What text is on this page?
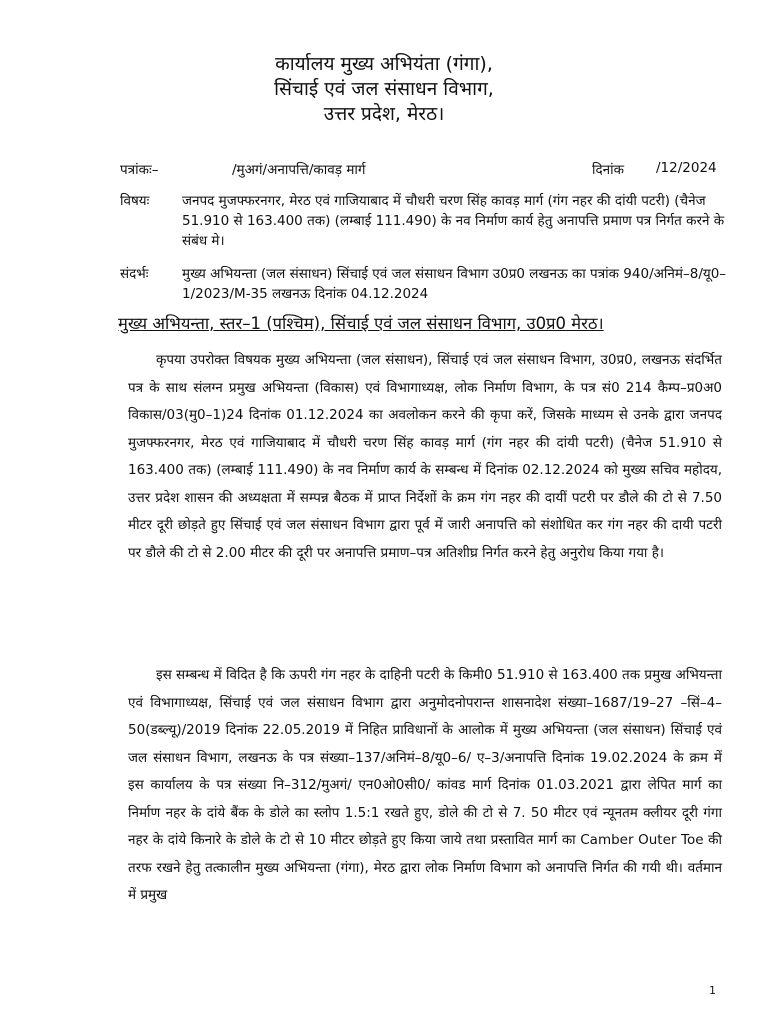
कार्यालय मुख्य अभियंता (गंगा),
सिंचाई एवं जल संसाधन विभाग,
उत्तर प्रदेश, मेरठ।
पत्रांकः–	/मुअगं/अनापत्ति/कावड़ मार्ग	दिनांक /12/2024
विषयः	जनपद मुजफ्फरनगर, मेरठ एवं गाजियाबाद में चौधरी चरण सिंह कावड़ मार्ग (गंग नहर की दांयी पटरी) (चैनेज 51.910 से 163.400 तक) (लम्बाई 111.490) के नव निर्माण कार्य हेतु अनापत्ति प्रमाण पत्र निर्गत करने के संबंध मे।
संदर्भः	मुख्य अभियन्ता (जल संसाधन) सिंचाई एवं जल संसाधन विभाग उ0प्र0 लखनऊ का पत्रांक 940/अनिमं–8/यू0–1/2023/M-35 लखनऊ दिनांक 04.12.2024
मुख्य अभियन्ता, स्तर–1 (पश्चिम), सिंचाई एवं जल संसाधन विभाग, उ0प्र0 मेरठ।

कृपया उपरोक्त विषयक मुख्य अभियन्ता (जल संसाधन), सिंचाई एवं जल संसाधन विभाग, उ0प्र0, लखनऊ संदर्भित पत्र के साथ संलग्न प्रमुख अभियन्ता (विकास) एवं विभागाध्यक्ष, लोक निर्माण विभाग, के पत्र सं0 214 कैम्प–प्र0अ0 विकास/03(मु0–1)24 दिनांक 01.12.2024 का अवलोकन करने की कृपा करें, जिसके माध्यम से उनके द्वारा जनपद मुजफ्फरनगर, मेरठ एवं गाजियाबाद में चौधरी चरण सिंह कावड़ मार्ग (गंग नहर की दांयी पटरी) (चैनेज 51.910 से 163.400 तक) (लम्बाई 111.490) के नव निर्माण कार्य के सम्बन्ध में दिनांक 02.12.2024 को मुख्य सचिव महोदय, उत्तर प्रदेश शासन की अध्यक्षता में सम्पन्न बैठक में प्राप्त निर्देशों के क्रम गंग नहर की दायीं पटरी पर डौले की टो से 7.50 मीटर दूरी छोड़ते हुए सिंचाई एवं जल संसाधन विभाग द्वारा पूर्व में जारी अनापत्ति को संशोधित कर गंग नहर की दायी पटरी पर डौले की टो से 2.00 मीटर की दूरी पर अनापत्ति प्रमाण–पत्र अतिशीघ्र निर्गत करने हेतु अनुरोध किया गया है।

इस सम्बन्ध में विदित है कि ऊपरी गंग नहर के दाहिनी पटरी के किमी0 51.910 से 163.400 तक प्रमुख अभियन्ता एवं विभागाध्यक्ष, सिंचाई एवं जल संसाधन विभाग द्वारा अनुमोदनोपरान्त शासनादेश संख्या–1687/19–27 –सिं–4–50(डब्ल्यू)/2019 दिनांक 22.05.2019 में निहित प्राविधानों के आलोक में मुख्य अभियन्ता (जल संसाधन) सिंचाई एवं जल संसाधन विभाग, लखनऊ के पत्र संख्या–137/अनिमं–8/यू0–6/ ए–3/अनापत्ति दिनांक 19.02.2024 के क्रम में इस कार्यालय के पत्र संख्या नि–312/मुअगं/ एन0ओ0सी0/ कांवड मार्ग दिनांक 01.03.2021 द्वारा लेपित मार्ग का निर्माण नहर के दांये बैंक के डोले का स्लोप 1.5:1 रखते हुए, डोले की टो से 7. 50 मीटर एवं न्यूनतम क्लीयर दूरी गंगा नहर के दांये किनारे के डोले के टो से 10 मीटर छोड़ते हुए किया जाये तथा प्रस्तावित मार्ग का Camber Outer Toe की तरफ रखने हेतु तत्कालीन मुख्य अभियन्ता (गंगा), मेरठ द्वारा लोक निर्माण विभाग को अनापत्ति निर्गत की गयी थी। वर्तमान में प्रमुख

1
